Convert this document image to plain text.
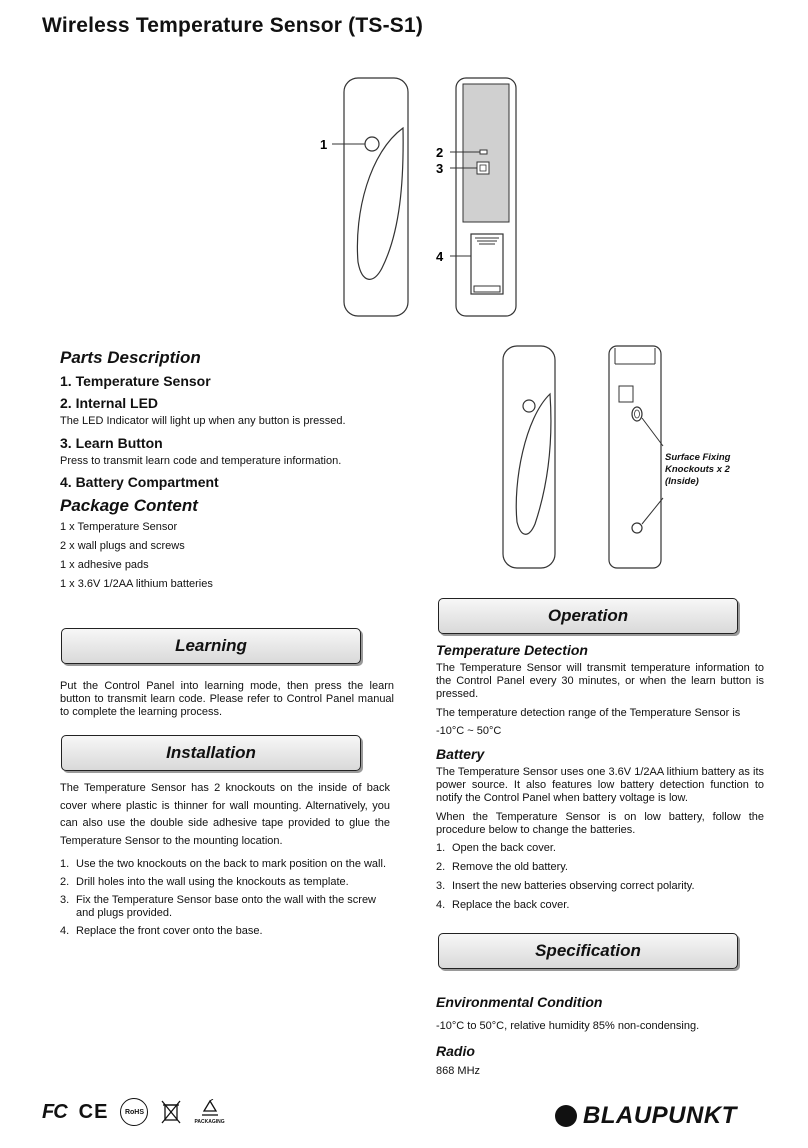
Wireless Temperature Sensor (TS-S1)
1
2
3
4
Surface Fixing
Knockouts x 2
(Inside)
Parts Description
1. Temperature Sensor
2. Internal LED
The LED Indicator will light up when any button is pressed.
3. Learn Button
Press to transmit learn code and temperature information.
4. Battery Compartment
Package Content
1 x Temperature Sensor
2 x wall plugs and screws
1 x adhesive pads
1 x 3.6V 1/2AA lithium batteries
Learning
Put the Control Panel into learning mode, then press the learn button to transmit learn code. Please refer to Control Panel manual to complete the learning process.
Installation
The Temperature Sensor has 2 knockouts on the inside of back cover where plastic is thinner for wall mounting. Alternatively, you can also use the double side adhesive tape provided to glue the Temperature Sensor to the mounting location.
1. Use the two knockouts on the back to mark position on the wall.
2. Drill holes into the wall using the knockouts as template.
3. Fix the Temperature Sensor base onto the wall with the screw and plugs provided.
4. Replace the front cover onto the base.
Operation
Temperature Detection
The Temperature Sensor will transmit temperature information to the Control Panel every 30 minutes, or when the learn button is pressed.
The temperature detection range of the Temperature Sensor is
-10°C ~ 50°C
Battery
The Temperature Sensor uses one 3.6V 1/2AA lithium battery as its power source. It also features low battery detection function to notify the Control Panel when battery voltage is low.
When the Temperature Sensor is on low battery, follow the procedure below to change the batteries.
1. Open the back cover.
2. Remove the old battery.
3. Insert the new batteries observing correct polarity.
4. Replace the back cover.
Specification
Environmental Condition
-10°C to 50°C, relative humidity 85% non-condensing.
Radio
868 MHz
FC CE RoHS
PACKAGING	BLAUPUNKT
